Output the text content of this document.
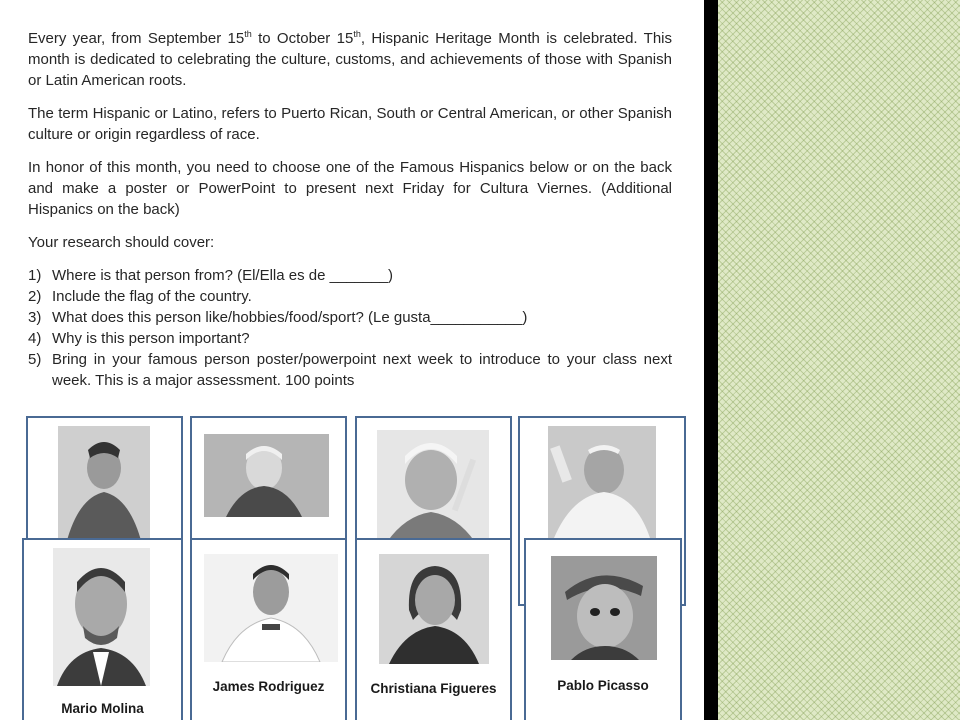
Every year, from September 15th to October 15th, Hispanic Heritage Month is celebrated. This month is dedicated to celebrating the culture, customs, and achievements of those with Spanish or Latin American roots.

The term Hispanic or Latino, refers to Puerto Rican, South or Central American, or other Spanish culture or origin regardless of race.

In honor of this month, you need to choose one of the Famous Hispanics below or on the back and make a poster or PowerPoint to present next Friday for Cultura Viernes. (Additional Hispanics on the back)

Your research should cover:

1) Where is that person from? (El/Ella es de _______)
2) Include the flag of the country.
3) What does this person like/hobbies/food/sport? (Le gusta___________)
4) Why is this person important?
5) Bring in your famous person poster/powerpoint next week to introduce to your class next week. This is a major assessment. 100 points
Mario Molina
James Rodriguez	Christiana Figueres	Pablo Picasso
